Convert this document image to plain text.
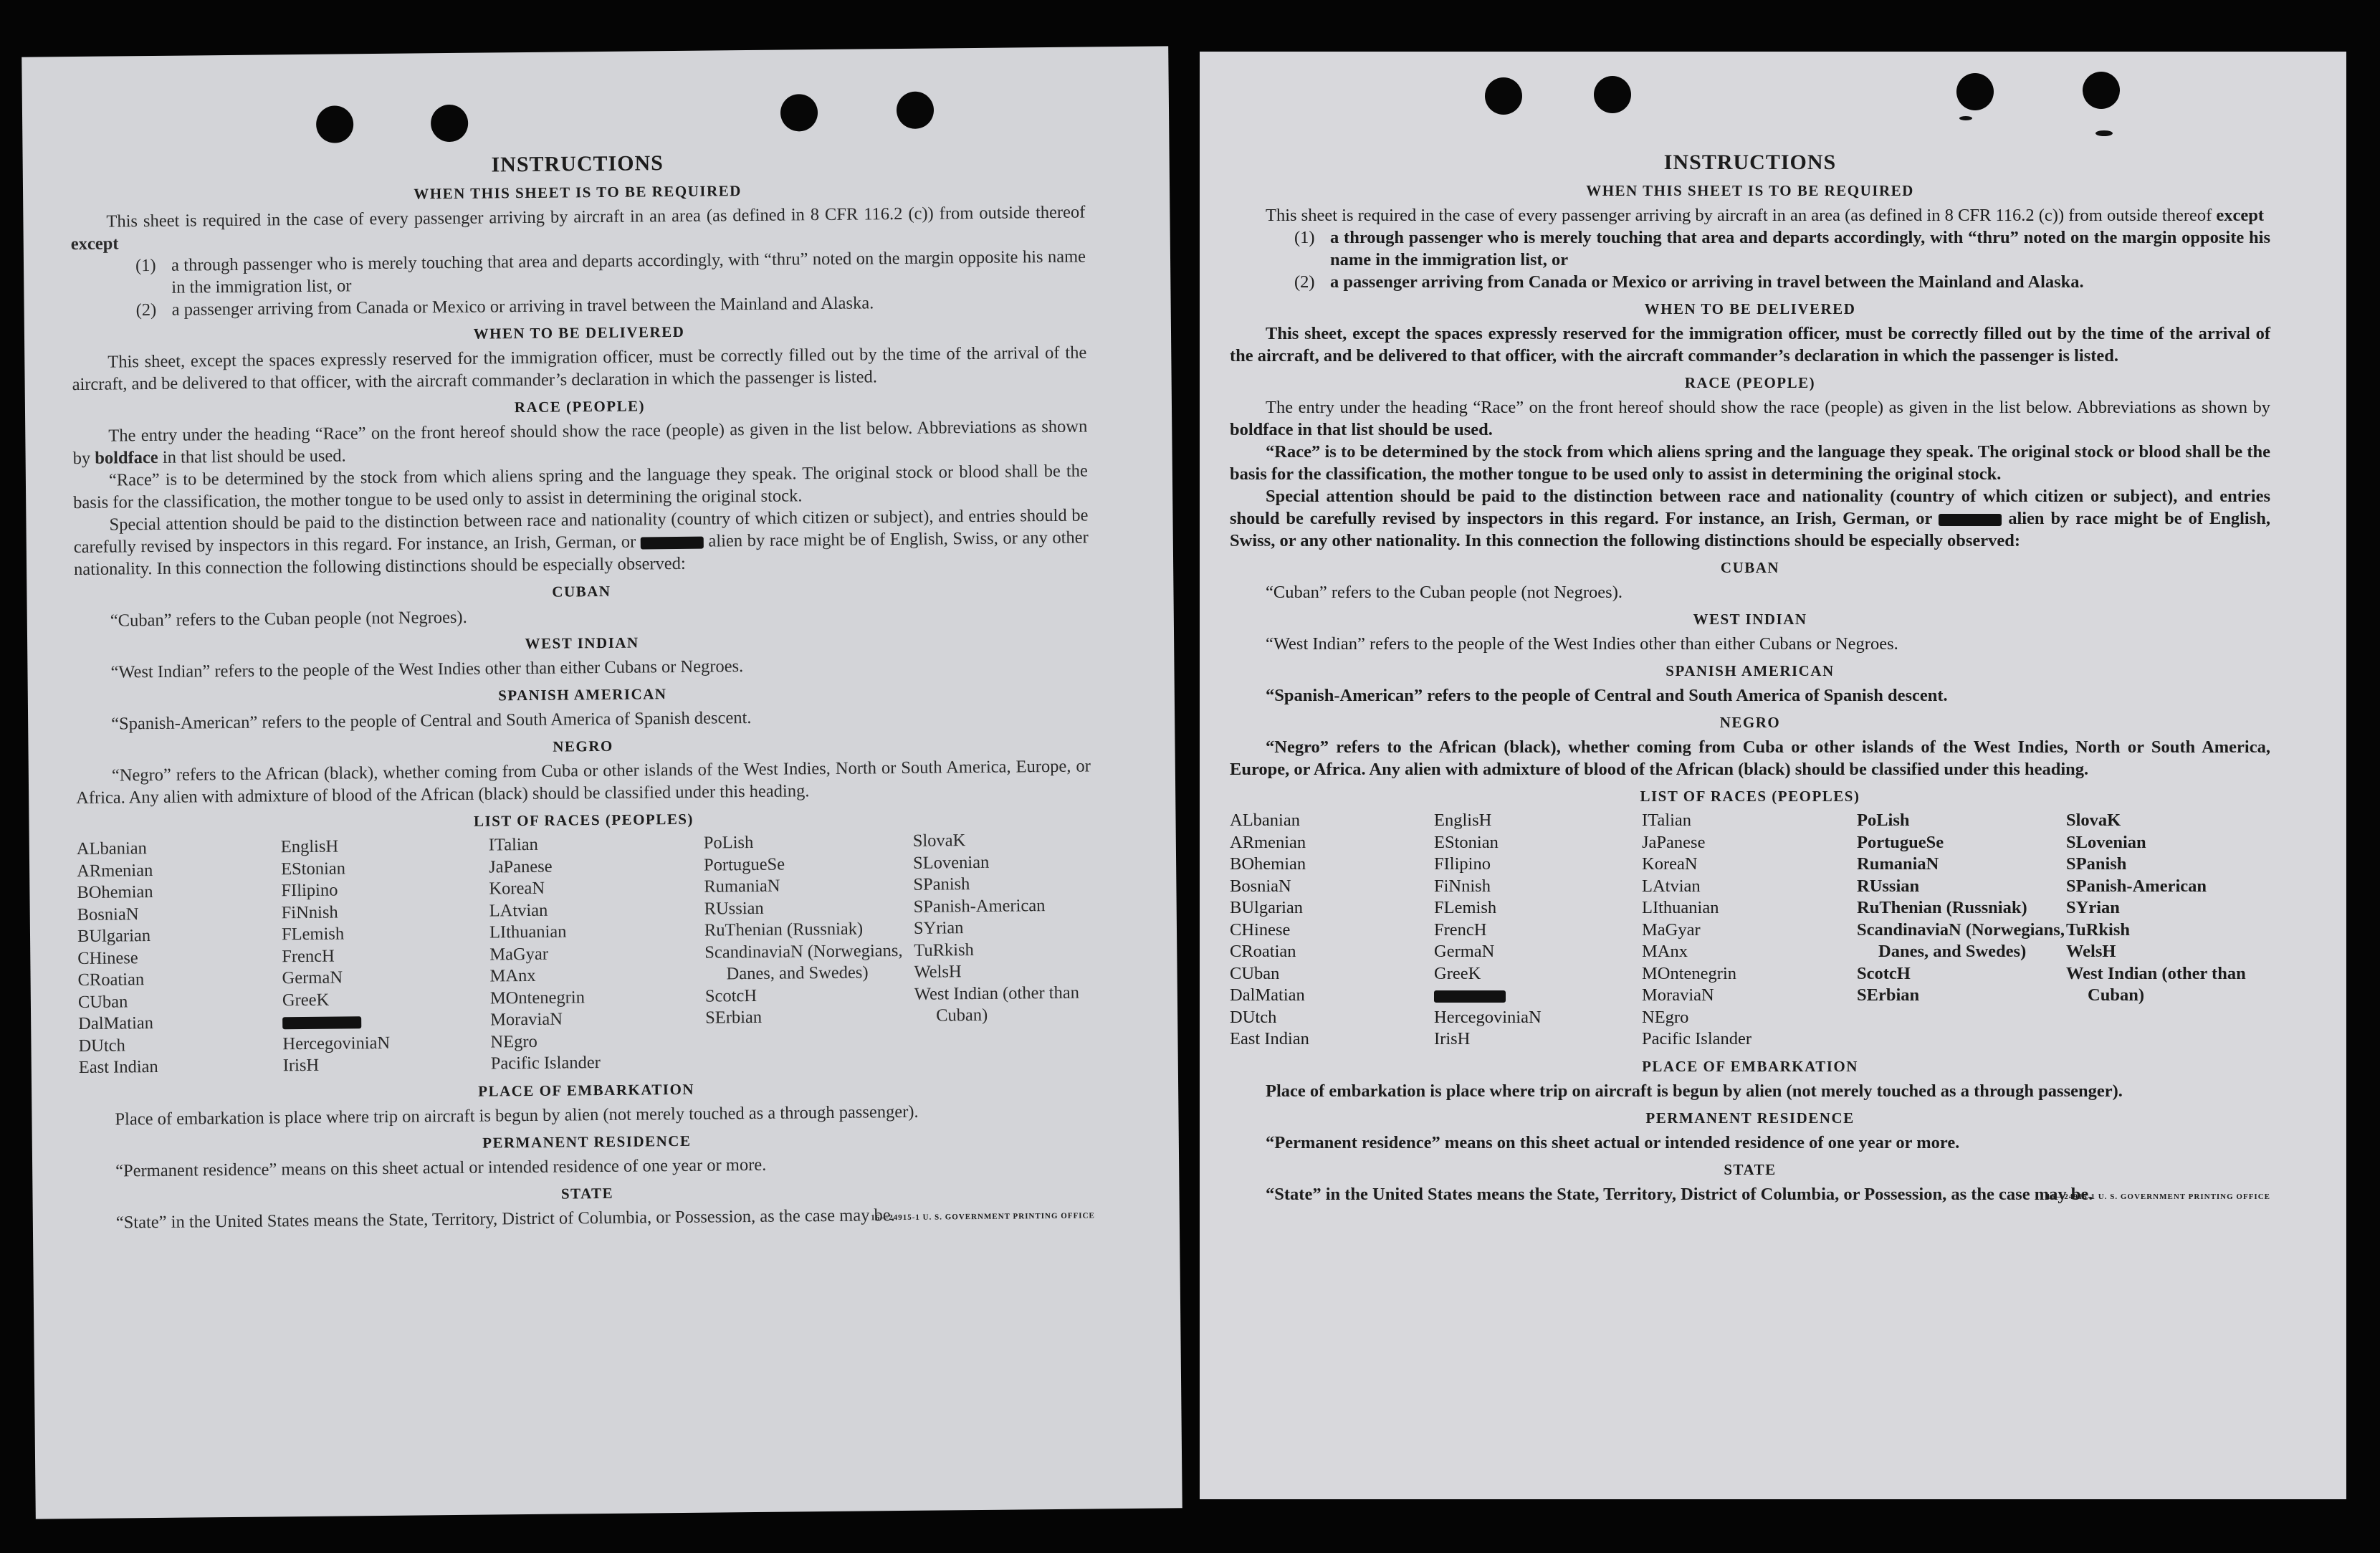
INSTRUCTIONS
WHEN THIS SHEET IS TO BE REQUIRED

This sheet is required in the case of every passenger arriving by aircraft in an area (as defined in 8 CFR 116.2 (c)) from outside thereof except

(1) a through passenger who is merely touching that area and departs accordingly, with “thru” noted on the margin opposite his name in the immigration list, or

(2) a passenger arriving from Canada or Mexico or arriving in travel between the Mainland and Alaska.

WHEN TO BE DELIVERED

This sheet, except the spaces expressly reserved for the immigration officer, must be correctly filled out by the time of the arrival of the aircraft, and be delivered to that officer, with the aircraft commander’s declaration in which the passenger is listed.

RACE (PEOPLE)

The entry under the heading “Race” on the front hereof should show the race (people) as given in the list below. Abbreviations as shown by boldface in that list should be used.

“Race” is to be determined by the stock from which aliens spring and the language they speak. The original stock or blood shall be the basis for the classification, the mother tongue to be used only to assist in determining the original stock.

Special attention should be paid to the distinction between race and nationality (country of which citizen or subject), and entries should be carefully revised by inspectors in this regard. For instance, an Irish, German, or	alien by race might be of English, Swiss, or any other nationality. In this connection the following distinctions should be especially observed:

CUBAN

“Cuban” refers to the Cuban people (not Negroes).

WEST INDIAN

“West Indian” refers to the people of the West Indies other than either Cubans or Negroes.

SPANISH AMERICAN

“Spanish-American” refers to the people of Central and South America of Spanish descent.

NEGRO

“Negro” refers to the African (black), whether coming from Cuba or other islands of the West Indies, North or South America, Europe, or Africa. Any alien with admixture of blood of the African (black) should be classified under this heading.

LIST OF RACES (PEOPLES)
ALbanian
ARmenian
BOhemian
BosniaN
BUlgarian
CHinese
CRoatian
CUban
DalMatian
DUtch
East Indian
EnglisH
EStonian
FIlipino
FiNnish
FLemish
FrencH
GermaN
GreeK
HercegoviniaN
IrisH
ITalian
JaPanese
KoreaN
LAtvian
LIthuanian
MaGyar
MAnx
MOntenegrin
MoraviaN
NEgro
Pacific Islander
PoLish
PortugueSe
RumaniaN
RUssian
RuThenian (Russniak)
ScandinaviaN (Norwegians, Danes, and Swedes)
ScotcH
SErbian
SlovaK
SLovenian
SPanish
SPanish-American
SYrian
TuRkish
WelsH
West Indian (other than Cuban)
PLACE OF EMBARKATION

Place of embarkation is place where trip on aircraft is begun by alien (not merely touched as a through passenger).

PERMANENT RESIDENCE

“Permanent residence” means on this sheet actual or intended residence of one year or more.

STATE

“State” in the United States means the State, Territory, District of Columbia, or Possession, as the case may be.

16—24915-1 U. S. GOVERNMENT PRINTING OFFICE
INSTRUCTIONS
WHEN THIS SHEET IS TO BE REQUIRED

This sheet is required in the case of every passenger arriving by aircraft in an area (as defined in 8 CFR 116.2 (c)) from outside thereof except

(1) a through passenger who is merely touching that area and departs accordingly, with “thru” noted on the margin opposite his name in the immigration list, or

(2) a passenger arriving from Canada or Mexico or arriving in travel between the Mainland and Alaska.

WHEN TO BE DELIVERED

This sheet, except the spaces expressly reserved for the immigration officer, must be correctly filled out by the time of the arrival of the aircraft, and be delivered to that officer, with the aircraft commander’s declaration in which the passenger is listed.

RACE (PEOPLE)

The entry under the heading “Race” on the front hereof should show the race (people) as given in the list below. Abbreviations as shown by boldface in that list should be used.

“Race” is to be determined by the stock from which aliens spring and the language they speak. The original stock or blood shall be the basis for the classification, the mother tongue to be used only to assist in determining the original stock.

Special attention should be paid to the distinction between race and nationality (country of which citizen or subject), and entries should be carefully revised by inspectors in this regard. For instance, an Irish, German, or	alien by race might be of English, Swiss, or any other nationality. In this connection the following distinctions should be especially observed:

CUBAN

“Cuban” refers to the Cuban people (not Negroes).

WEST INDIAN

“West Indian” refers to the people of the West Indies other than either Cubans or Negroes.

SPANISH AMERICAN

“Spanish-American” refers to the people of Central and South America of Spanish descent.

NEGRO

“Negro” refers to the African (black), whether coming from Cuba or other islands of the West Indies, North or South America, Europe, or Africa. Any alien with admixture of blood of the African (black) should be classified under this heading.

LIST OF RACES (PEOPLES)
ALbanian
ARmenian
BOhemian
BosniaN
BUlgarian
CHinese
CRoatian
CUban
DalMatian
DUtch
East Indian
EnglisH
EStonian
FIlipino
FiNnish
FLemish
FrencH
GermaN
GreeK
HercegoviniaN
IrisH
ITalian
JaPanese
KoreaN
LAtvian
LIthuanian
MaGyar
MAnx
MOntenegrin
MoraviaN
NEgro
Pacific Islander
PoLish
PortugueSe
RumaniaN
RUssian
RuThenian (Russniak)
ScandinaviaN (Norwegians, Danes, and Swedes)
ScotcH
SErbian
SlovaK
SLovenian
SPanish
SPanish-American
SYrian
TuRkish
WelsH
West Indian (other than Cuban)
PLACE OF EMBARKATION

Place of embarkation is place where trip on aircraft is begun by alien (not merely touched as a through passenger).

PERMANENT RESIDENCE

“Permanent residence” means on this sheet actual or intended residence of one year or more.

STATE

“State” in the United States means the State, Territory, District of Columbia, or Possession, as the case may be.

16—24915-1 U. S. GOVERNMENT PRINTING OFFICE
